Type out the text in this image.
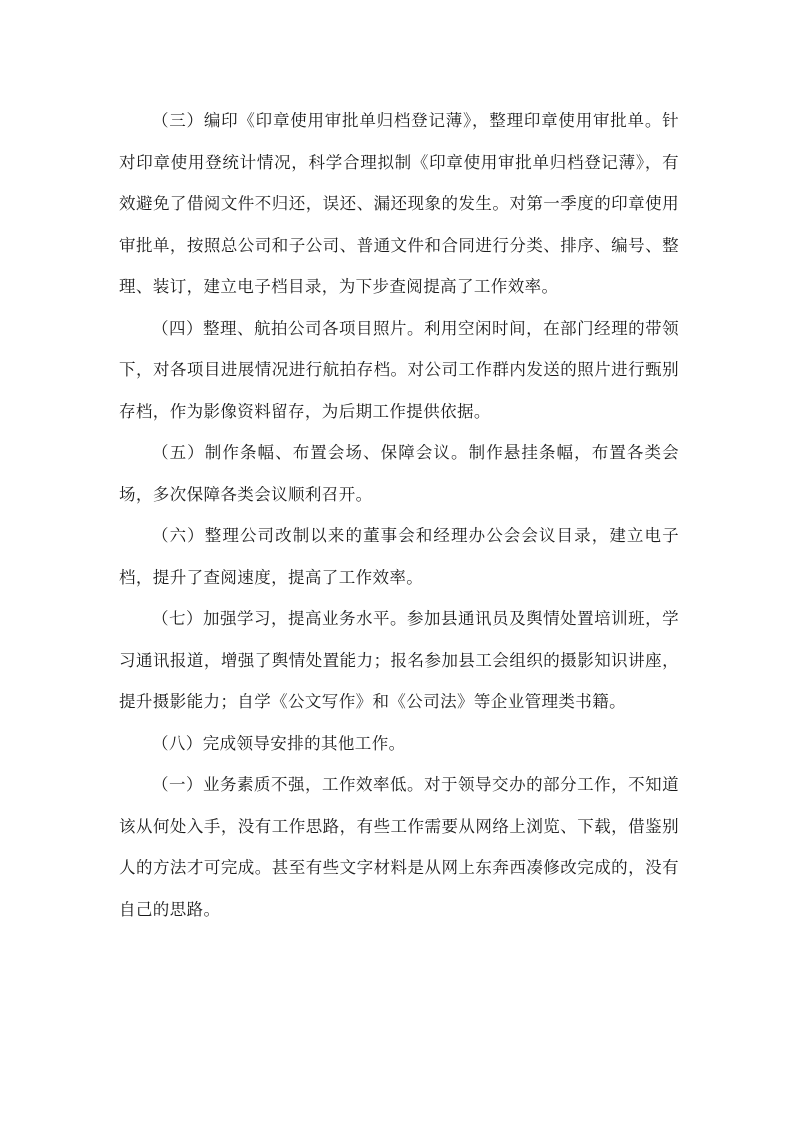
（三）编印《印章使用审批单归档登记薄》，整理印章使用审批单。针对印章使用登统计情况，科学合理拟制《印章使用审批单归档登记薄》，有效避免了借阅文件不归还，误还、漏还现象的发生。对第一季度的印章使用审批单，按照总公司和子公司、普通文件和合同进行分类、排序、编号、整理、装订，建立电子档目录，为下步查阅提高了工作效率。

（四）整理、航拍公司各项目照片。利用空闲时间，在部门经理的带领下，对各项目进展情况进行航拍存档。对公司工作群内发送的照片进行甄别存档，作为影像资料留存，为后期工作提供依据。

（五）制作条幅、布置会场、保障会议。制作悬挂条幅，布置各类会场，多次保障各类会议顺利召开。

（六）整理公司改制以来的董事会和经理办公会会议目录，建立电子档，提升了查阅速度，提高了工作效率。

（七）加强学习，提高业务水平。参加县通讯员及舆情处置培训班，学习通讯报道，增强了舆情处置能力；报名参加县工会组织的摄影知识讲座，提升摄影能力；自学《公文写作》和《公司法》等企业管理类书籍。

（八）完成领导安排的其他工作。

（一）业务素质不强，工作效率低。对于领导交办的部分工作，不知道该从何处入手，没有工作思路，有些工作需要从网络上浏览、下载，借鉴别人的方法才可完成。甚至有些文字材料是从网上东奔西凑修改完成的，没有自己的思路。
